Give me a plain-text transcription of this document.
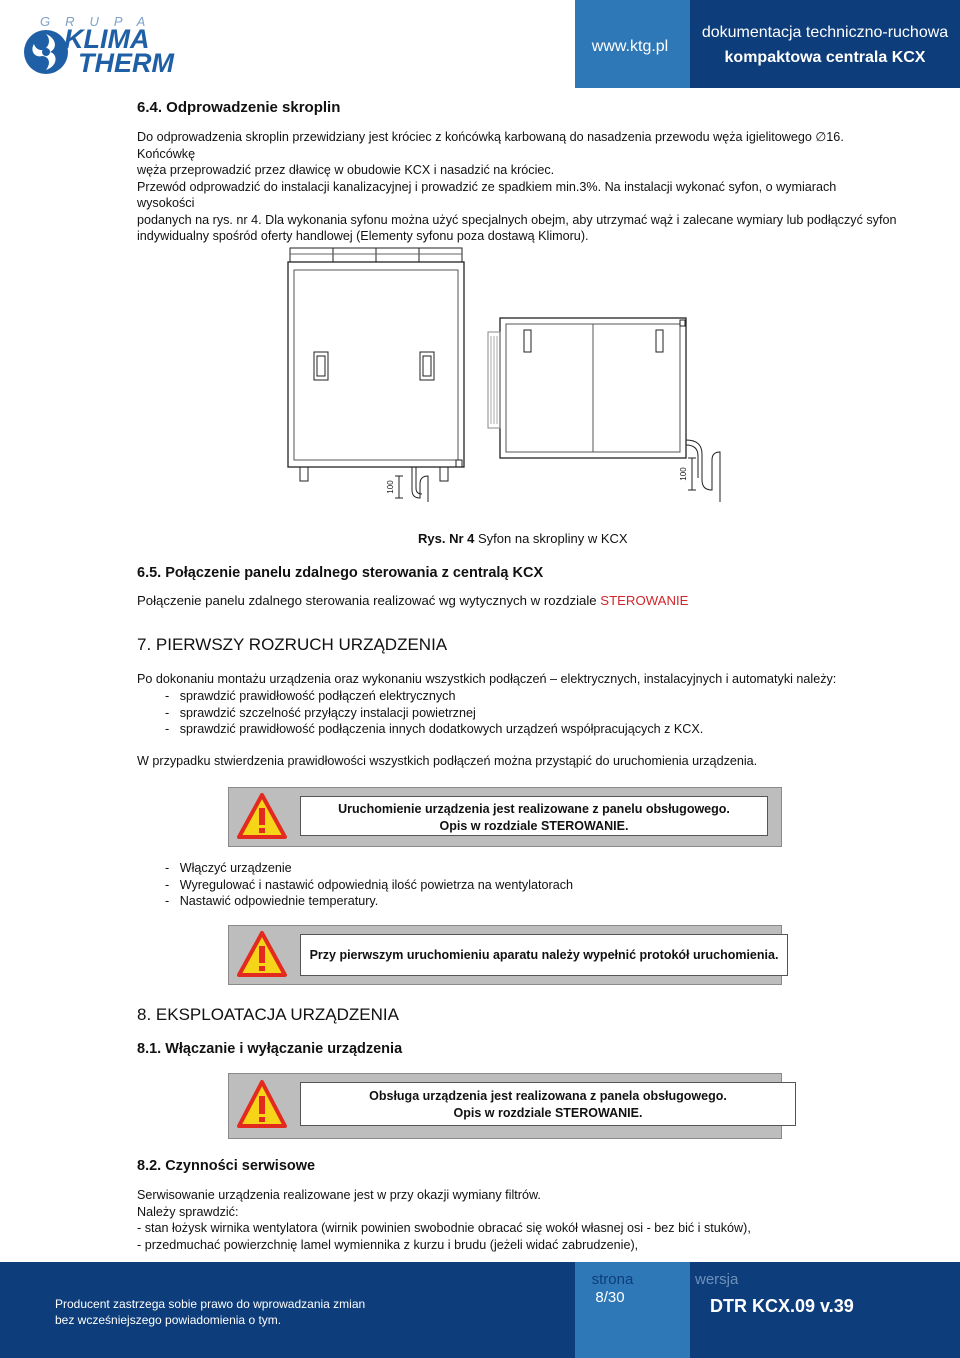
GRUPA
KLIMA
THERM
www.ktg.pl
dokumentacja techniczno-ruchowa
kompaktowa centrala KCX
6.4. Odprowadzenie skroplin
Do odprowadzenia skroplin przewidziany jest króciec z końcówką karbowaną do nasadzenia przewodu węża igielitowego ∅16. Końcówkę
węża przeprowadzić przez dławicę w obudowie KCX i nasadzić na króciec.
Przewód odprowadzić do instalacji kanalizacyjnej i prowadzić ze spadkiem min.3%. Na instalacji wykonać syfon, o wymiarach wysokości
podanych na rys. nr 4. Dla wykonania syfonu można użyć specjalnych obejm, aby utrzymać wąż i zalecane wymiary lub podłączyć syfon
indywidualny spośród oferty handlowej (Elementy syfonu poza dostawą Klimoru).
100
100
Rys. Nr 4 Syfon na skropliny w KCX
6.5. Połączenie panelu zdalnego sterowania z centralą KCX
Połączenie panelu zdalnego sterowania realizować wg wytycznych w rozdziale STEROWANIE
7. PIERWSZY ROZRUCH URZĄDZENIA
Po dokonaniu montażu urządzenia oraz wykonaniu wszystkich podłączeń – elektrycznych, instalacyjnych i automatyki należy:
-   sprawdzić prawidłowość podłączeń elektrycznych
-   sprawdzić szczelność przyłączy instalacji powietrznej
-   sprawdzić prawidłowość podłączenia innych dodatkowych urządzeń współpracujących z KCX.
W przypadku stwierdzenia prawidłowości wszystkich podłączeń można przystąpić do uruchomienia urządzenia.
Uruchomienie urządzenia jest realizowane z panelu obsługowego.
Opis w rozdziale STEROWANIE.
-   Włączyć urządzenie
-   Wyregulować i nastawić odpowiednią ilość powietrza na wentylatorach
-   Nastawić odpowiednie temperatury.
Przy pierwszym uruchomieniu aparatu należy wypełnić protokół uruchomienia.
8. EKSPLOATACJA URZĄDZENIA
8.1. Włączanie i wyłączanie urządzenia
Obsługa urządzenia jest realizowana z panela obsługowego.
Opis w rozdziale STEROWANIE.
8.2. Czynności serwisowe
Serwisowanie urządzenia realizowane jest w przy okazji wymiany filtrów.
Należy sprawdzić:
- stan łożysk wirnika wentylatora (wirnik powinien swobodnie obracać się wokół własnej osi - bez bić i stuków),
- przedmuchać powierzchnię lamel wymiennika z kurzu i brudu (jeżeli widać zabrudzenie),
Producent zastrzega sobie prawo do wprowadzania zmian
bez wcześniejszego powiadomienia o tym.
strona
8/30
wersja
DTR KCX.09 v.39
